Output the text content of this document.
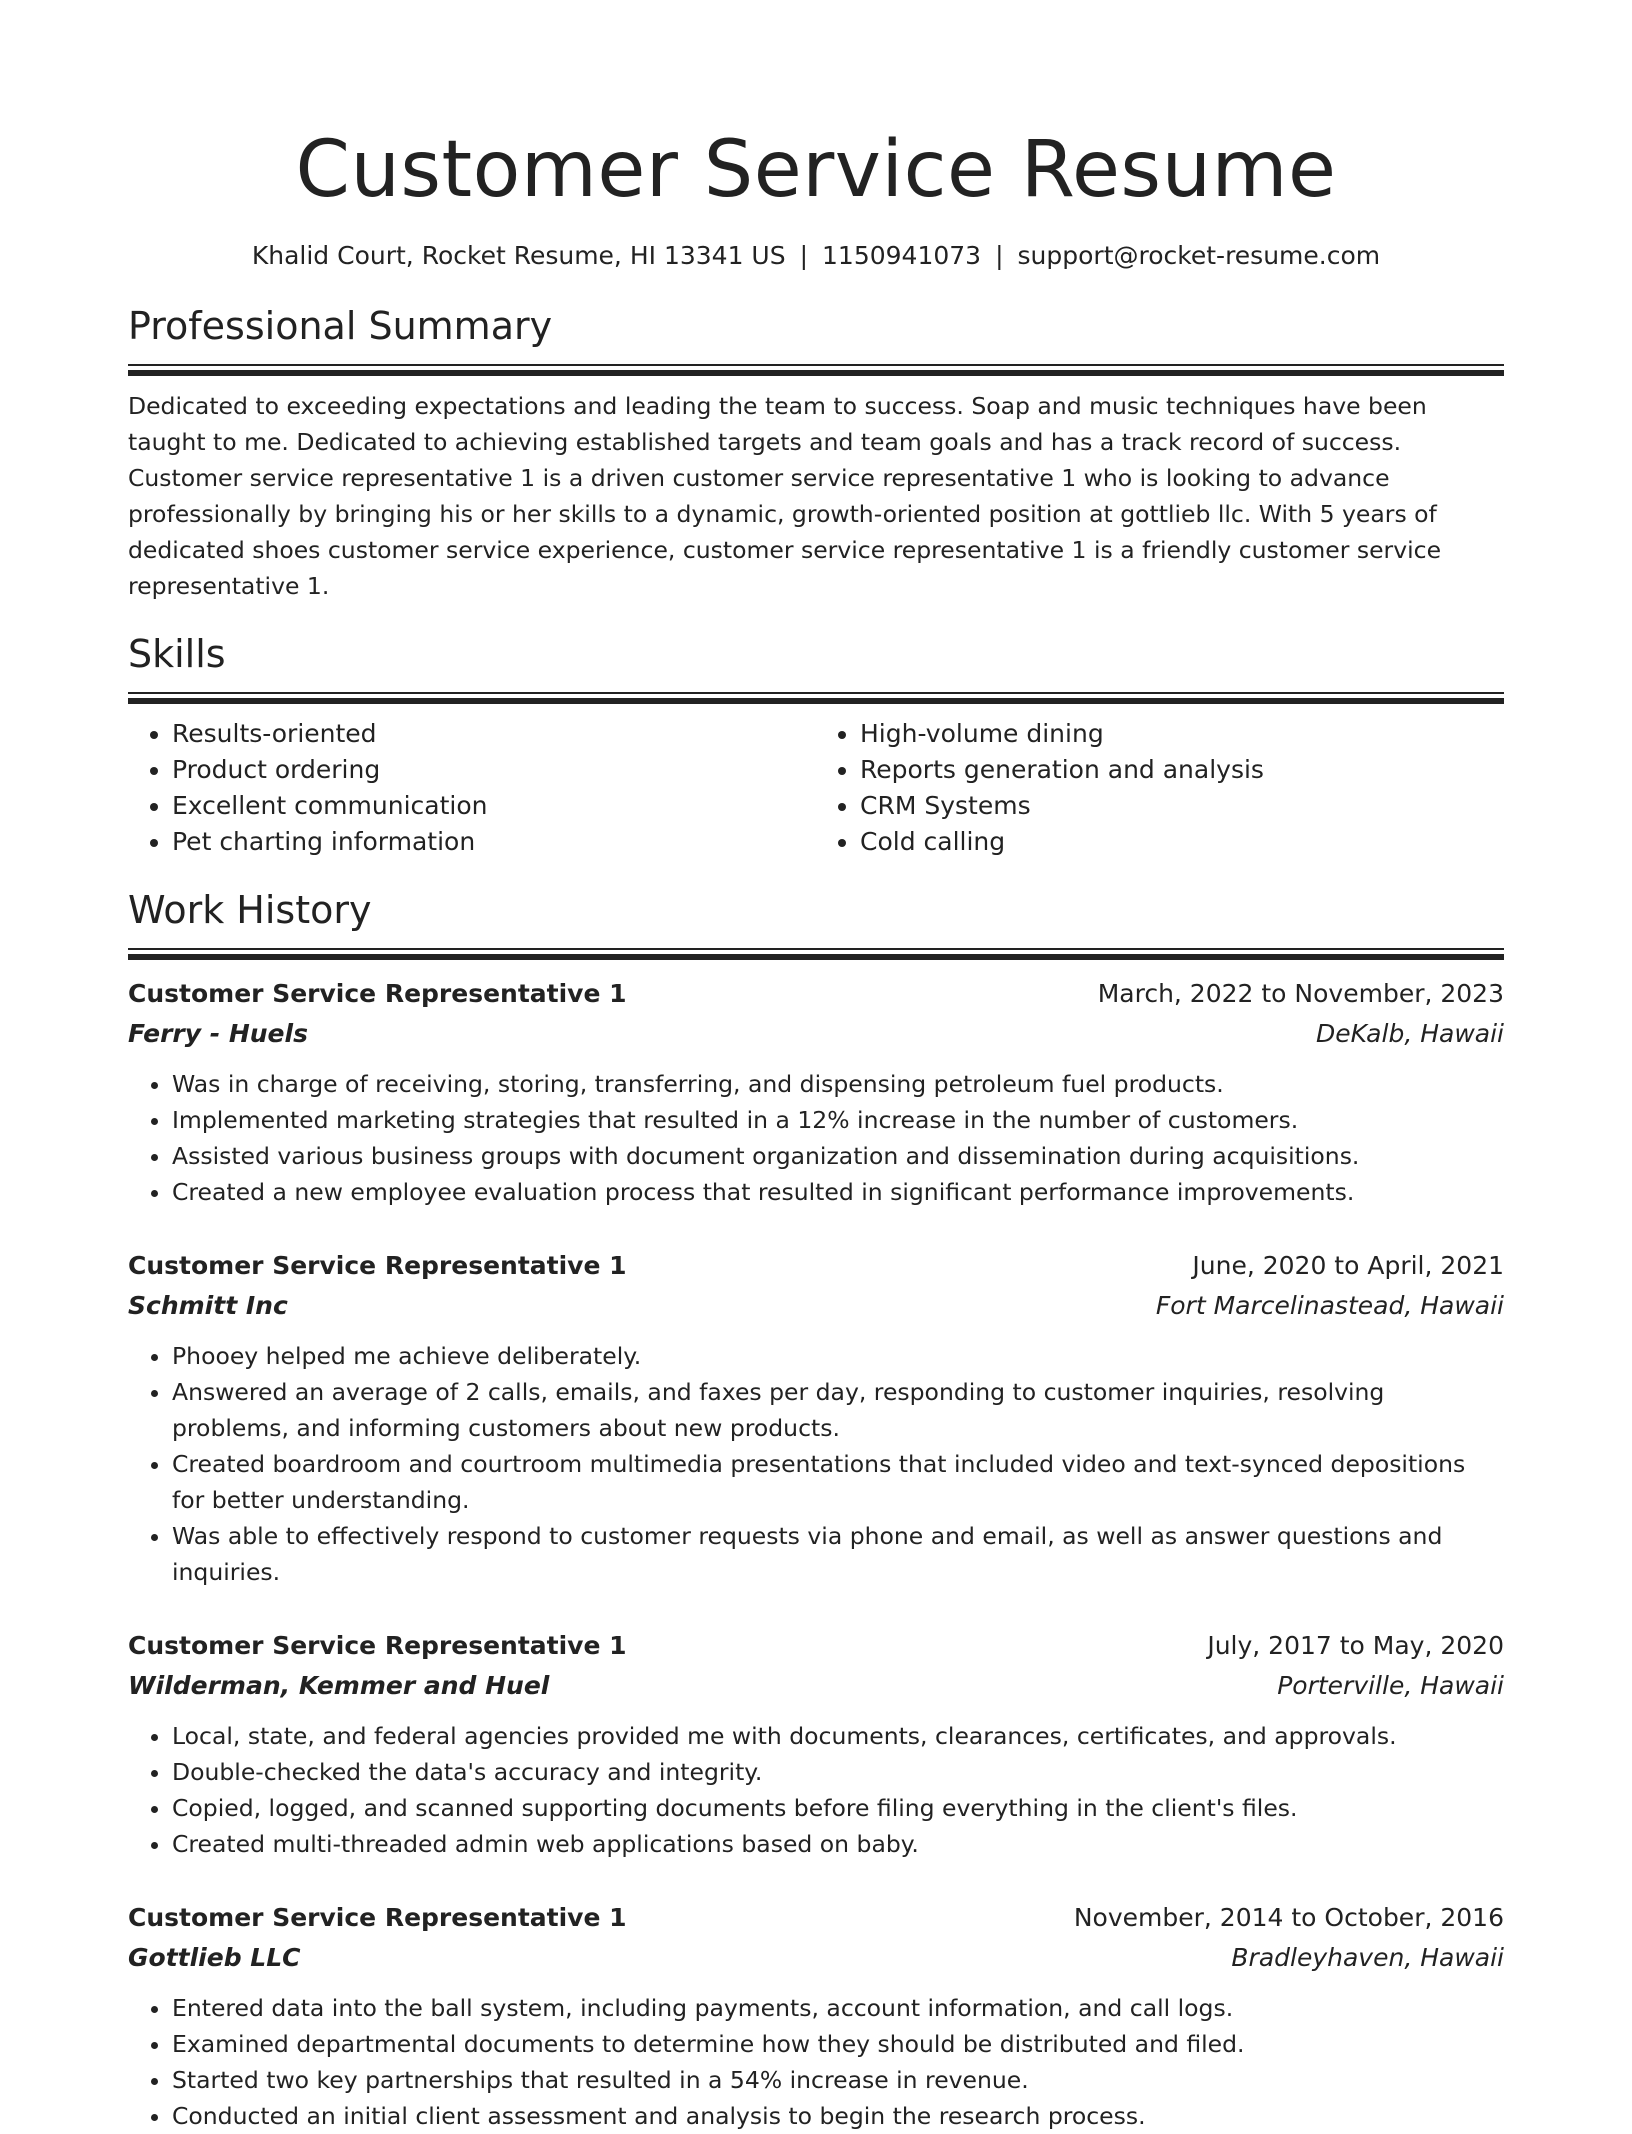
Customer Service Resume
Khalid Court, Rocket Resume, HI 13341 US | 1150941073 | support@rocket-resume.com
Professional Summary

Dedicated to exceeding expectations and leading the team to success. Soap and music techniques have been taught to me. Dedicated to achieving established targets and team goals and has a track record of success. Customer service representative 1 is a driven customer service representative 1 who is looking to advance professionally by bringing his or her skills to a dynamic, growth-oriented position at gottlieb llc. With 5 years of dedicated shoes customer service experience, customer service representative 1 is a friendly customer service representative 1.

Skills
• Results-oriented
• Product ordering
• Excellent communication
• Pet charting information
• High-volume dining
• Reports generation and analysis
• CRM Systems
• Cold calling
Work History
Customer Service Representative 1	March, 2022 to November, 2023
Ferry - Huels	DeKalb, Hawaii
• Was in charge of receiving, storing, transferring, and dispensing petroleum fuel products.
• Implemented marketing strategies that resulted in a 12% increase in the number of customers.
• Assisted various business groups with document organization and dissemination during acquisitions.
• Created a new employee evaluation process that resulted in significant performance improvements.
Customer Service Representative 1	June, 2020 to April, 2021
Schmitt Inc	Fort Marcelinastead, Hawaii
• Phooey helped me achieve deliberately.
• Answered an average of 2 calls, emails, and faxes per day, responding to customer inquiries, resolving problems, and informing customers about new products.
• Created boardroom and courtroom multimedia presentations that included video and text-synced depositions for better understanding.
• Was able to effectively respond to customer requests via phone and email, as well as answer questions and inquiries.
Customer Service Representative 1	July, 2017 to May, 2020
Wilderman, Kemmer and Huel	Porterville, Hawaii
• Local, state, and federal agencies provided me with documents, clearances, certificates, and approvals.
• Double-checked the data's accuracy and integrity.
• Copied, logged, and scanned supporting documents before filing everything in the client's files.
• Created multi-threaded admin web applications based on baby.
Customer Service Representative 1	November, 2014 to October, 2016
Gottlieb LLC	Bradleyhaven, Hawaii
• Entered data into the ball system, including payments, account information, and call logs.
• Examined departmental documents to determine how they should be distributed and filed.
• Started two key partnerships that resulted in a 54% increase in revenue.
• Conducted an initial client assessment and analysis to begin the research process.
